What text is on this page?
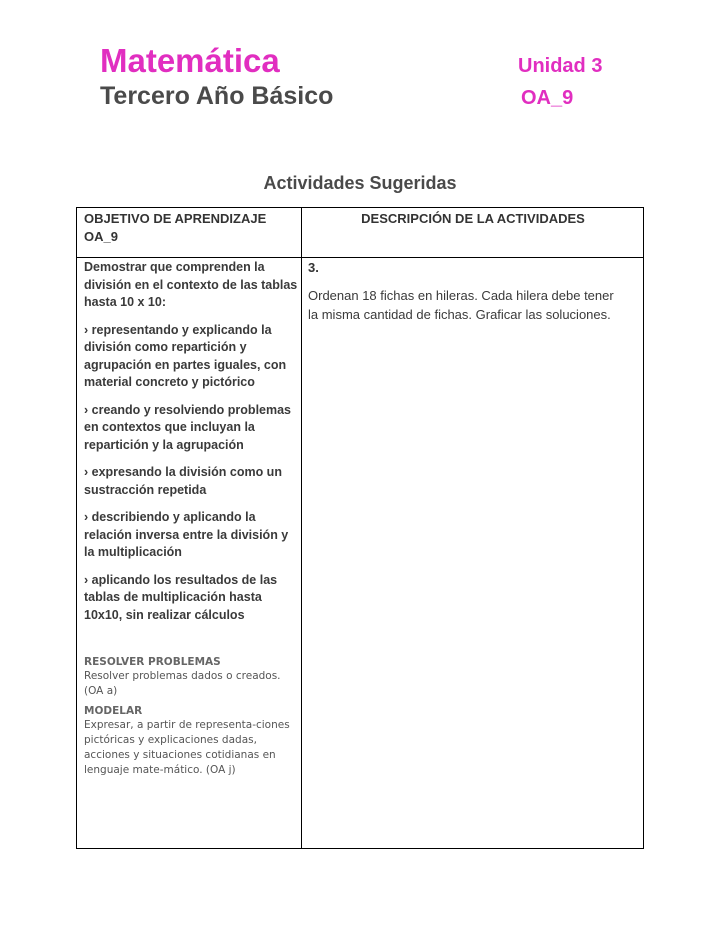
Matemática
Tercero Año Básico
Unidad 3
OA_9
Actividades Sugeridas
OBJETIVO DE APRENDIZAJE OA_9
DESCRIPCIÓN DE LA ACTIVIDADES

Demostrar que comprenden la división en el contexto de las tablas hasta 10 x 10:

› representando y explicando la división como repartición y agrupación en partes iguales, con material concreto y pictórico

› creando y resolviendo problemas en contextos que incluyan la repartición y la agrupación

› expresando la división como un sustracción repetida

› describiendo y aplicando la relación inversa entre la división y la multiplicación

› aplicando los resultados de las tablas de multiplicación hasta 10x10, sin realizar cálculos

RESOLVER PROBLEMAS
Resolver problemas dados o creados. (OA a)
MODELAR
Expresar, a partir de representa-ciones pictóricas y explicaciones dadas, acciones y situaciones cotidianas en lenguaje mate-mático. (OA j)
3.
Ordenan 18 fichas en hileras. Cada hilera debe tener la misma cantidad de fichas. Graficar las soluciones.
